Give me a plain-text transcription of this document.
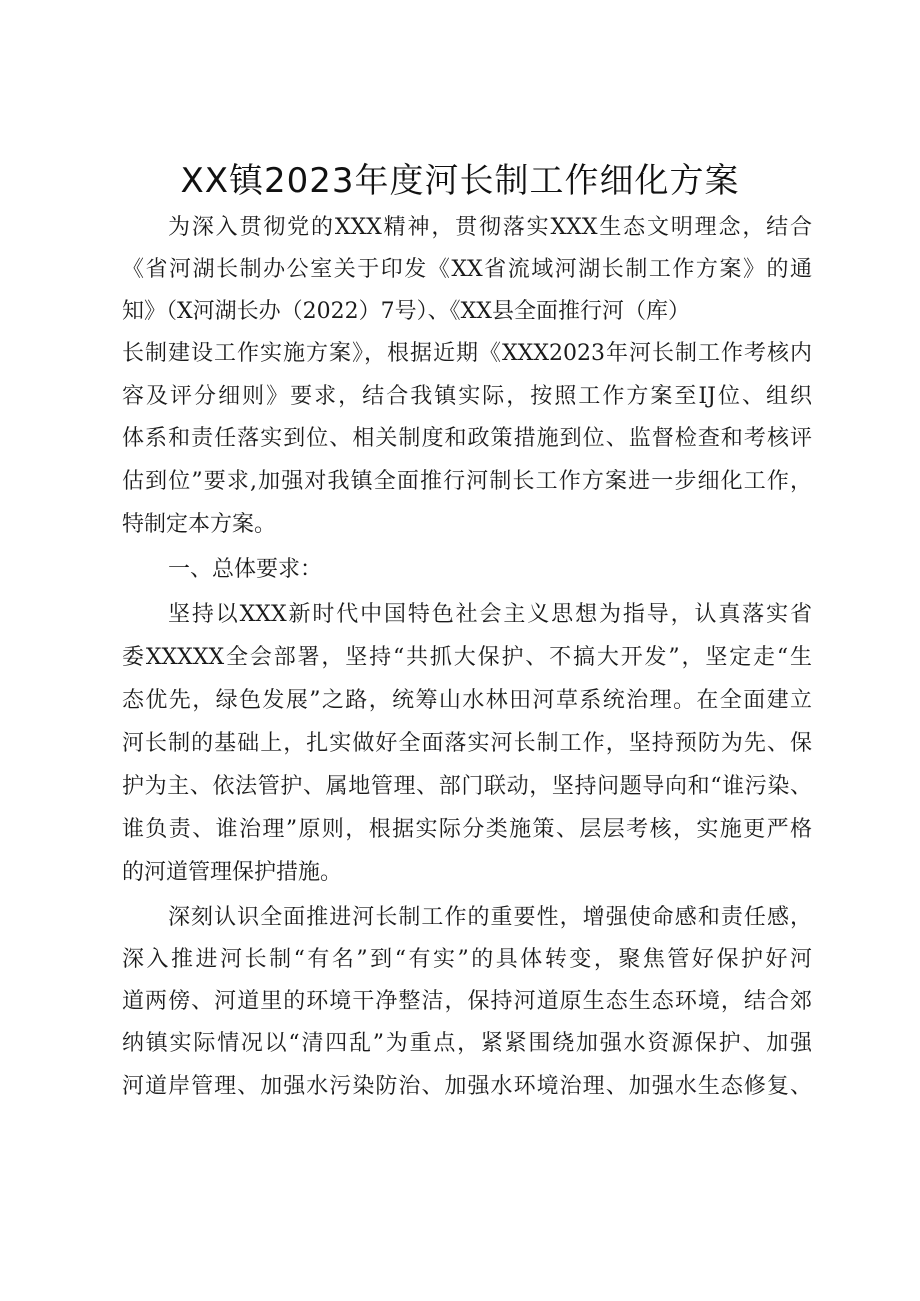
XX镇2023年度河长制工作细化方案
为深入贯彻党的XXX精神，贯彻落实XXX生态文明理念，结合
《省河湖长制办公室关于印发《XX省流域河湖长制工作方案》的通
知》（X河湖长办（2022）7号）、《XX县全面推行河（库）
长制建设工作实施方案》，根据近期《XXX2023年河长制工作考核内
容及评分细则》要求，结合我镇实际，按照工作方案至IJ位、组织
体系和责任落实到位、相关制度和政策措施到位、监督检查和考核评
估到位”要求,加强对我镇全面推行河制长工作方案进一步细化工作，
特制定本方案。
一、总体要求：
坚持以XXX新时代中国特色社会主义思想为指导，认真落实省
委XXXXX全会部署，坚持“共抓大保护、不搞大开发”，坚定走“生
态优先，绿色发展”之路，统筹山水林田河草系统治理。在全面建立
河长制的基础上，扎实做好全面落实河长制工作，坚持预防为先、保
护为主、依法管护、属地管理、部门联动，坚持问题导向和“谁污染、
谁负责、谁治理”原则，根据实际分类施策、层层考核，实施更严格
的河道管理保护措施。
深刻认识全面推进河长制工作的重要性，增强使命感和责任感，
深入推进河长制“有名”到“有实”的具体转变，聚焦管好保护好河
道两傍、河道里的环境干净整洁，保持河道原生态生态环境，结合郊
纳镇实际情况以“清四乱”为重点，紧紧围绕加强水资源保护、加强
河道岸管理、加强水污染防治、加强水环境治理、加强水生态修复、
